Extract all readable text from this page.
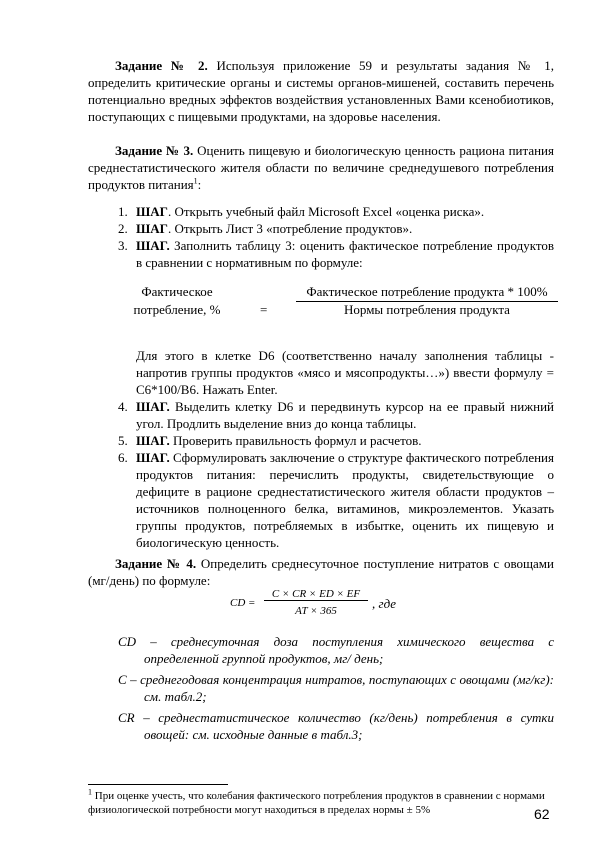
Задание № 2. Используя приложение 59 и результаты задания № 1, определить критические органы и системы органов-мишеней, составить перечень потенциально вредных эффектов воздействия установленных Вами ксенобиотиков, поступающих с пищевыми продуктами, на здоровье населения.

Задание № 3. Оценить пищевую и биологическую ценность рациона питания среднестатистического жителя области по величине среднедушевого потребления продуктов питания$^1$:

1. ШАГ. Открыть учебный файл Microsoft Excel «оценка риска».
2. ШАГ. Открыть Лист 3 «потребление продуктов».
3. ШАГ. Заполнить таблицу 3: оценить фактическое потребление продуктов в сравнении с нормативным по формуле:
Фактическое
потребление, %	=
Фактическое потребление продукта * 100%
Нормы потребления продукта

Для этого в клетке D6 (соответственно началу заполнения таблицы - напротив группы продуктов «мясо и мясопродукты…») ввести формулу = C6*100/B6. Нажать Enter.

4. ШАГ. Выделить клетку D6 и передвинуть курсор на ее правый нижний угол. Продлить выделение вниз до конца таблицы.
5. ШАГ. Проверить правильность формул и расчетов.
6. ШАГ. Сформулировать заключение о структуре фактического потребления продуктов питания: перечислить продукты, свидетельствующие о дефиците в рационе среднестатистического жителя области продуктов – источников полноценного белка, витаминов, микроэлементов. Указать группы продуктов, потребляемых в избытке, оценить их пищевую и биологическую ценность.

Задание № 4. Определить среднесуточное поступление нитратов с овощами (мг/день) по формуле:

CD =
C × CR × ED × EF
AT × 365	, где
CD – среднесуточная доза поступления химического вещества с определенной группой продуктов, мг/ день;
C – среднегодовая концентрация нитратов, поступающих с овощами (мг/кг): см. табл.2;
CR – среднестатистическое количество (кг/день) потребления в сутки овощей: см. исходные данные в табл.3;
$^1$ При оценке учесть, что колебания фактического потребления продуктов в сравнении с нормами физиологической потребности могут находиться в пределах нормы ± 5%	62
